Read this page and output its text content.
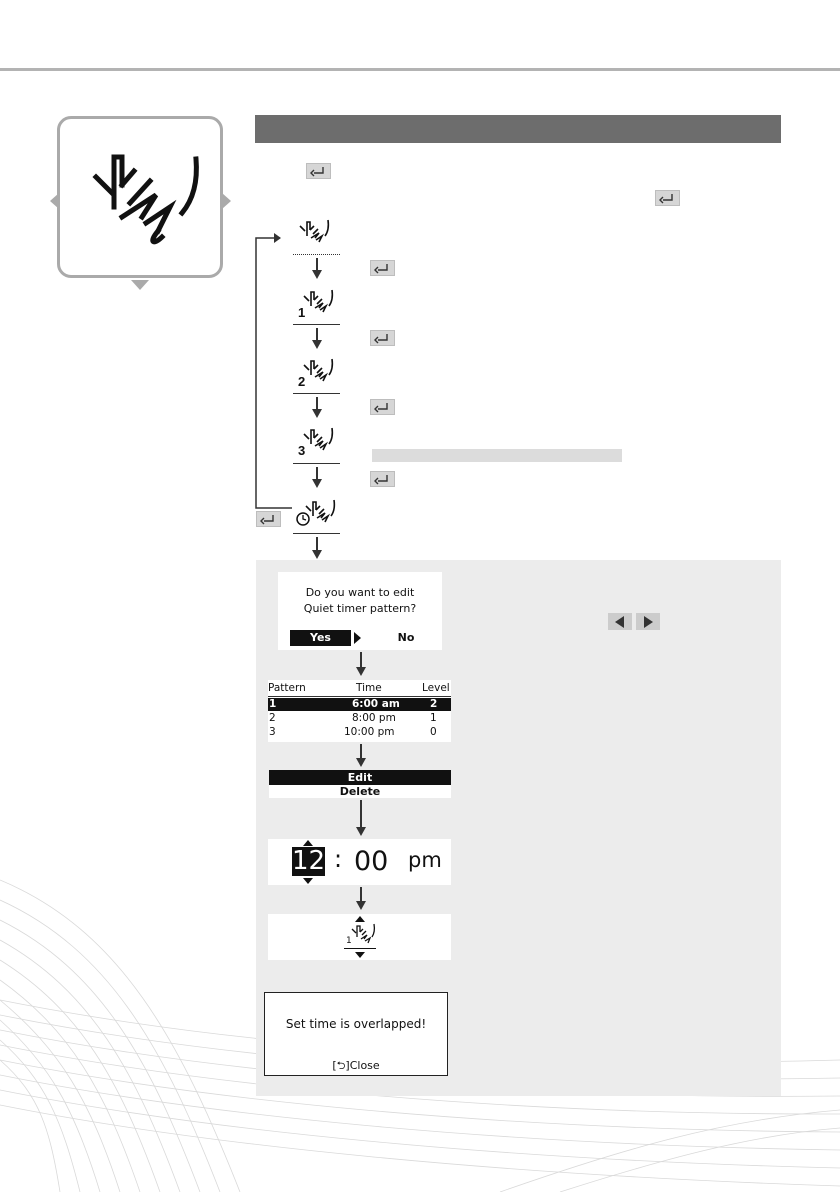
1
2
3
Do you want to edit
Quiet timer pattern?
Yes	No
Pattern	Time	Level
1	6:00 am	2
2	8:00 pm	1
3	10:00 pm	0
Edit
Delete
12 : 00 pm
1
Set time is overlapped!
[⮌]Close
